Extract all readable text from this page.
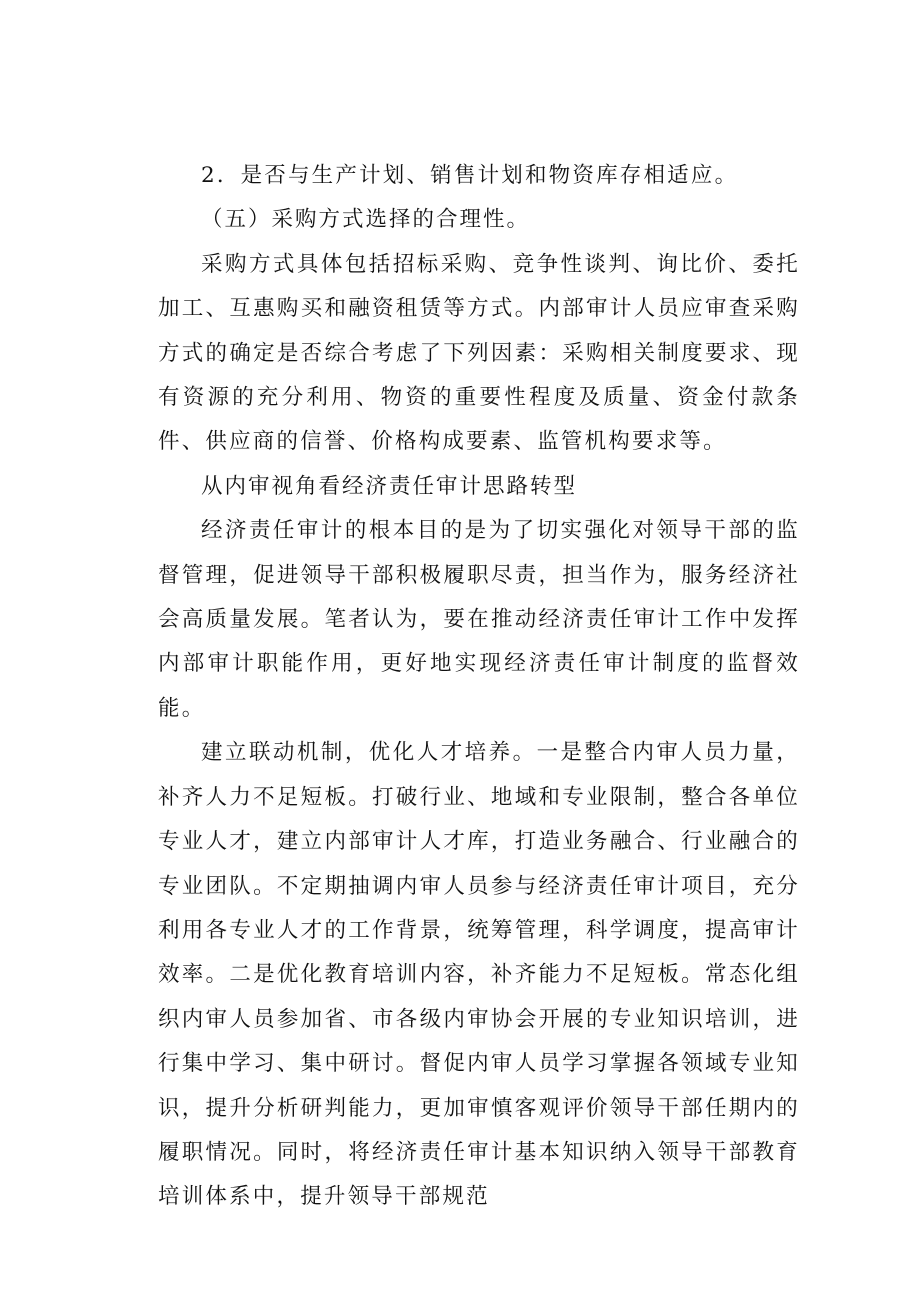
2．是否与生产计划、销售计划和物资库存相适应。

（五）采购方式选择的合理性。

采购方式具体包括招标采购、竞争性谈判、询比价、委托加工、互惠购买和融资租赁等方式。内部审计人员应审查采购方式的确定是否综合考虑了下列因素：采购相关制度要求、现有资源的充分利用、物资的重要性程度及质量、资金付款条件、供应商的信誉、价格构成要素、监管机构要求等。

从内审视角看经济责任审计思路转型

经济责任审计的根本目的是为了切实强化对领导干部的监督管理，促进领导干部积极履职尽责，担当作为，服务经济社会高质量发展。笔者认为，要在推动经济责任审计工作中发挥内部审计职能作用，更好地实现经济责任审计制度的监督效能。

建立联动机制，优化人才培养。一是整合内审人员力量，补齐人力不足短板。打破行业、地域和专业限制，整合各单位专业人才，建立内部审计人才库，打造业务融合、行业融合的专业团队。不定期抽调内审人员参与经济责任审计项目，充分利用各专业人才的工作背景，统筹管理，科学调度，提高审计效率。二是优化教育培训内容，补齐能力不足短板。常态化组织内审人员参加省、市各级内审协会开展的专业知识培训，进行集中学习、集中研讨。督促内审人员学习掌握各领域专业知识，提升分析研判能力，更加审慎客观评价领导干部任期内的履职情况。同时，将经济责任审计基本知识纳入领导干部教育培训体系中，提升领导干部规范
